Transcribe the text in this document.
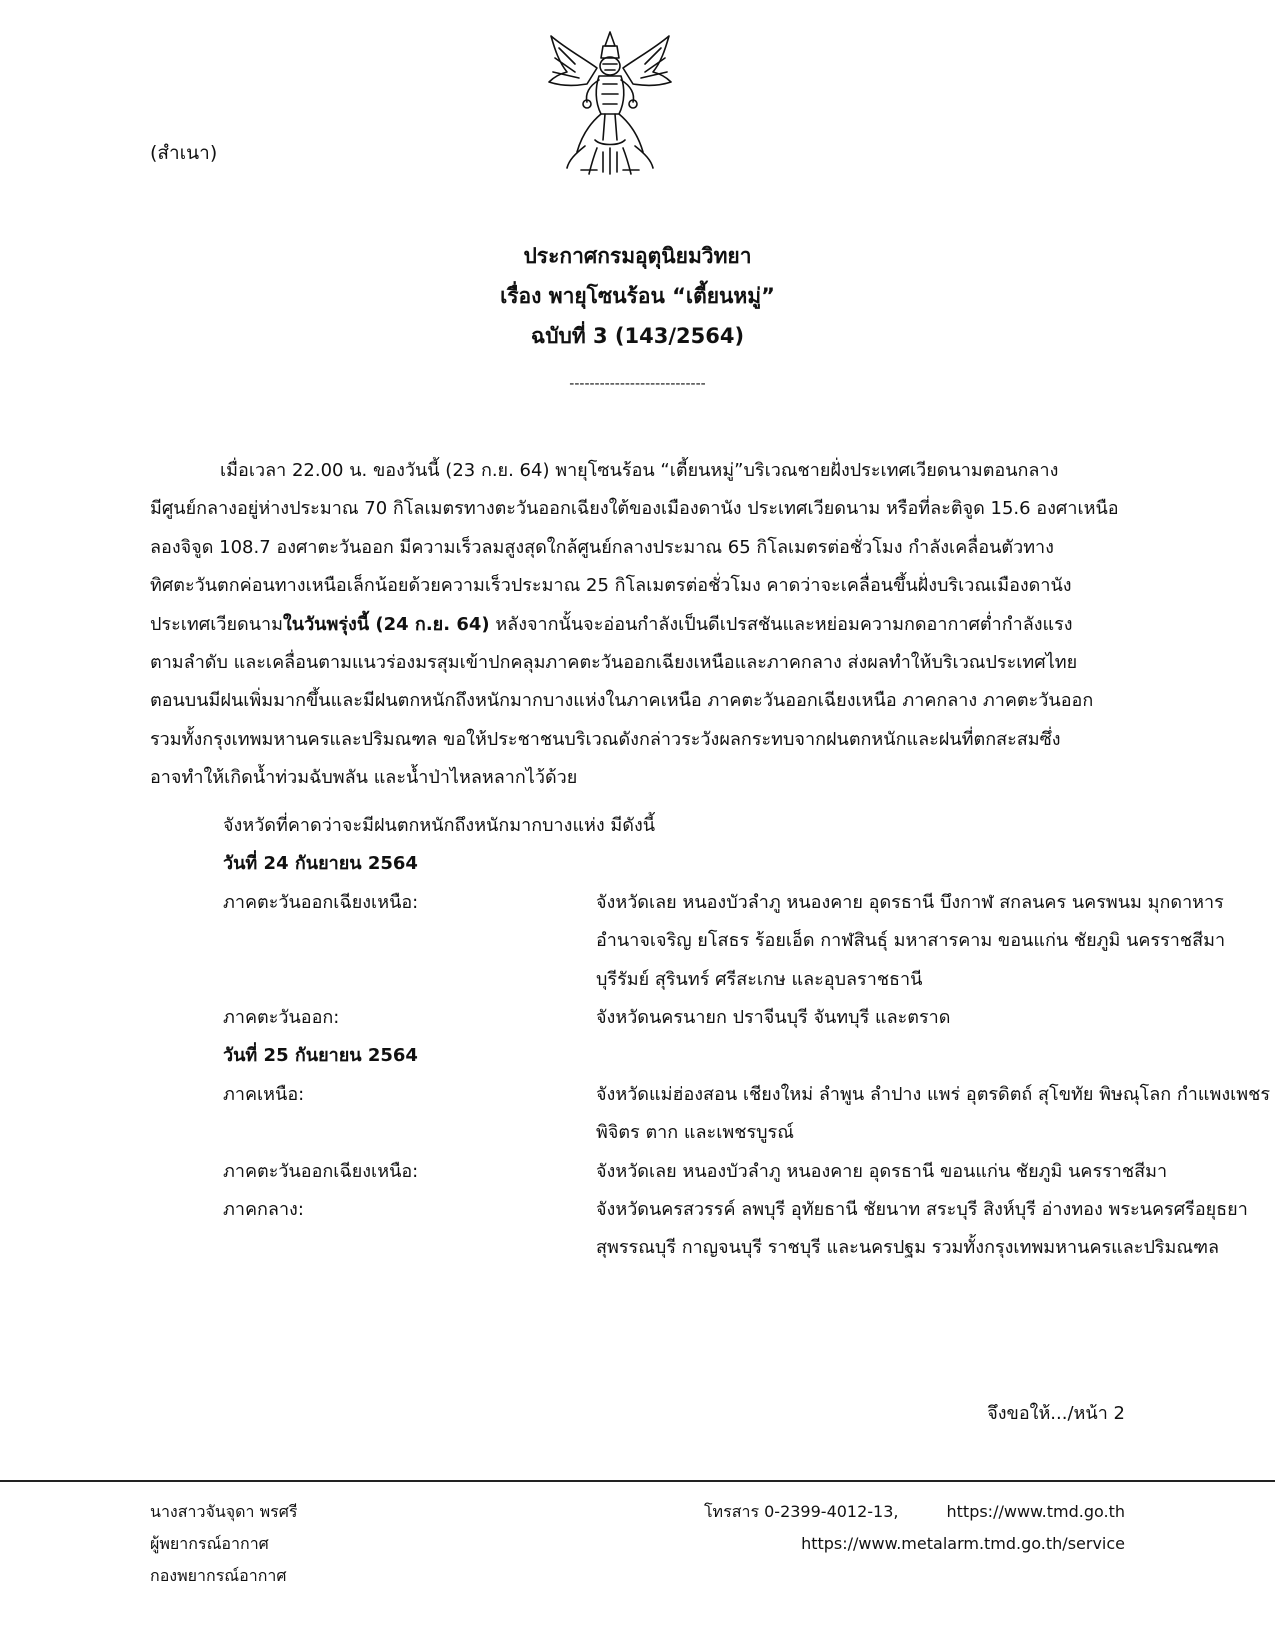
(สำเนา)
ประกาศกรมอุตุนิยมวิทยา
เรื่อง พายุโซนร้อน “เตี้ยนหมู่”
ฉบับที่ 3 (143/2564)
---------------------------
เมื่อเวลา 22.00 น. ของวันนี้ (23 ก.ย. 64) พายุโซนร้อน “เตี้ยนหมู่”บริเวณชายฝั่งประเทศเวียดนามตอนกลาง
มีศูนย์กลางอยู่ห่างประมาณ 70 กิโลเมตรทางตะวันออกเฉียงใต้ของเมืองดานัง ประเทศเวียดนาม หรือที่ละติจูด 15.6 องศาเหนือ
ลองจิจูด 108.7 องศาตะวันออก มีความเร็วลมสูงสุดใกล้ศูนย์กลางประมาณ 65 กิโลเมตรต่อชั่วโมง กำลังเคลื่อนตัวทาง
ทิศตะวันตกค่อนทางเหนือเล็กน้อยด้วยความเร็วประมาณ 25 กิโลเมตรต่อชั่วโมง คาดว่าจะเคลื่อนขึ้นฝั่งบริเวณเมืองดานัง
ประเทศเวียดนามในวันพรุ่งนี้ (24 ก.ย. 64) หลังจากนั้นจะอ่อนกำลังเป็นดีเปรสชันและหย่อมความกดอากาศต่ำกำลังแรง
ตามลำดับ และเคลื่อนตามแนวร่องมรสุมเข้าปกคลุมภาคตะวันออกเฉียงเหนือและภาคกลาง ส่งผลทำให้บริเวณประเทศไทย
ตอนบนมีฝนเพิ่มมากขึ้นและมีฝนตกหนักถึงหนักมากบางแห่งในภาคเหนือ ภาคตะวันออกเฉียงเหนือ ภาคกลาง ภาคตะวันออก
รวมทั้งกรุงเทพมหานครและปริมณฑล ขอให้ประชาชนบริเวณดังกล่าวระวังผลกระทบจากฝนตกหนักและฝนที่ตกสะสมซึ่ง
อาจทำให้เกิดน้ำท่วมฉับพลัน และน้ำป่าไหลหลากไว้ด้วย
จังหวัดที่คาดว่าจะมีฝนตกหนักถึงหนักมากบางแห่ง มีดังนี้
วันที่ 24 กันยายน 2564
ภาคตะวันออกเฉียงเหนือ:	จังหวัดเลย หนองบัวลำภู หนองคาย อุดรธานี บึงกาฬ สกลนคร นครพนม มุกดาหาร
อำนาจเจริญ ยโสธร ร้อยเอ็ด กาฬสินธุ์ มหาสารคาม ขอนแก่น ชัยภูมิ นครราชสีมา
บุรีรัมย์ สุรินทร์ ศรีสะเกษ และอุบลราชธานี
ภาคตะวันออก:	จังหวัดนครนายก ปราจีนบุรี จันทบุรี และตราด
วันที่ 25 กันยายน 2564
ภาคเหนือ:	จังหวัดแม่ฮ่องสอน เชียงใหม่ ลำพูน ลำปาง แพร่ อุตรดิตถ์ สุโขทัย พิษณุโลก กำแพงเพชร
พิจิตร ตาก และเพชรบูรณ์
ภาคตะวันออกเฉียงเหนือ:	จังหวัดเลย หนองบัวลำภู หนองคาย อุดรธานี ขอนแก่น ชัยภูมิ นครราชสีมา
ภาคกลาง:	จังหวัดนครสวรรค์ ลพบุรี อุทัยธานี ชัยนาท สระบุรี สิงห์บุรี อ่างทอง พระนครศรีอยุธยา
สุพรรณบุรี กาญจนบุรี ราชบุรี และนครปฐม รวมทั้งกรุงเทพมหานครและปริมณฑล
จึงขอให้.../หน้า 2
นางสาวจันจุดา พรศรี
ผู้พยากรณ์อากาศ
กองพยากรณ์อากาศ
โทรสาร 0-2399-4012-13,	https://www.tmd.go.th
https://www.metalarm.tmd.go.th/service
